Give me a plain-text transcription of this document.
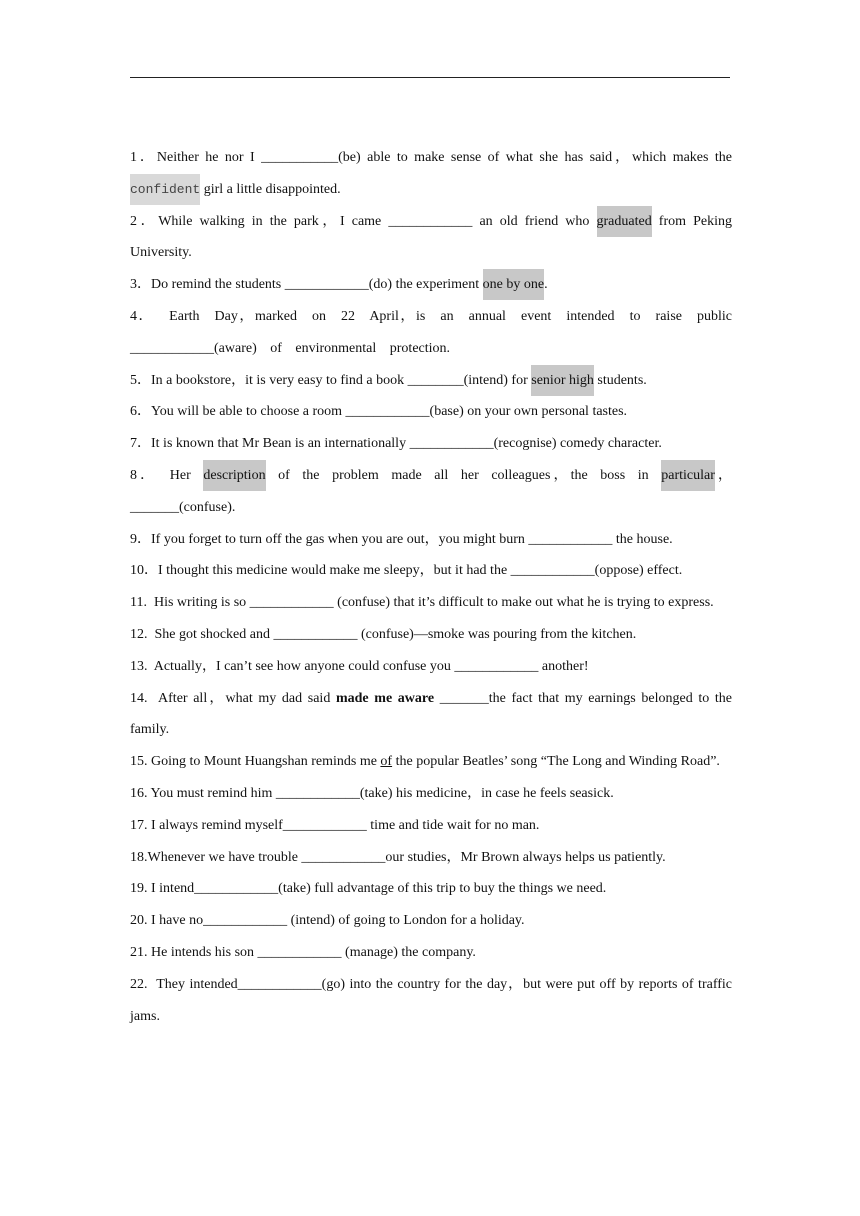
1．Neither he nor I ___________(be) able to make sense of what she has said，which makes the confident girl a little disappointed.

2．While walking in the park，I came ____________ an old friend who graduated from Peking University.

3．Do remind the students ____________(do) the experiment one by one.

4． Earth Day，marked on 22 April，is an annual event intended to raise public ____________(aware) of environmental protection.

5．In a bookstore，it is very easy to find a book ________(intend) for senior high students.

6．You will be able to choose a room ____________(base) on your own personal tastes.

7．It is known that Mr Bean is an internationally ____________(recognise) comedy character.

8． Her description of the problem made all her colleagues，the boss in particular，_______(confuse).

9．If you forget to turn off the gas when you are out，you might burn ____________ the house.

10．I thought this medicine would make me sleepy，but it had the ____________(oppose) effect.

11. His writing is so ____________ (confuse) that it’s difficult to make out what he is trying to express.

12. She got shocked and ____________ (confuse)—smoke was pouring from the kitchen.

13. Actually，I can’t see how anyone could confuse you ____________ another!

14. After all，what my dad said made me aware _______the fact that my earnings belonged to the family.

15. Going to Mount Huangshan reminds me of the popular Beatles’ song “The Long and Winding Road”.

16. You must remind him ____________(take) his medicine，in case he feels seasick.

17. I always remind myself____________ time and tide wait for no man.

18.Whenever we have trouble ____________our studies，Mr Brown always helps us patiently.

19. I intend____________(take) full advantage of this trip to buy the things we need.

20. I have no____________ (intend) of going to London for a holiday.

21. He intends his son ____________ (manage) the company.

22. They intended____________(go) into the country for the day，but were put off by reports of traffic jams.
